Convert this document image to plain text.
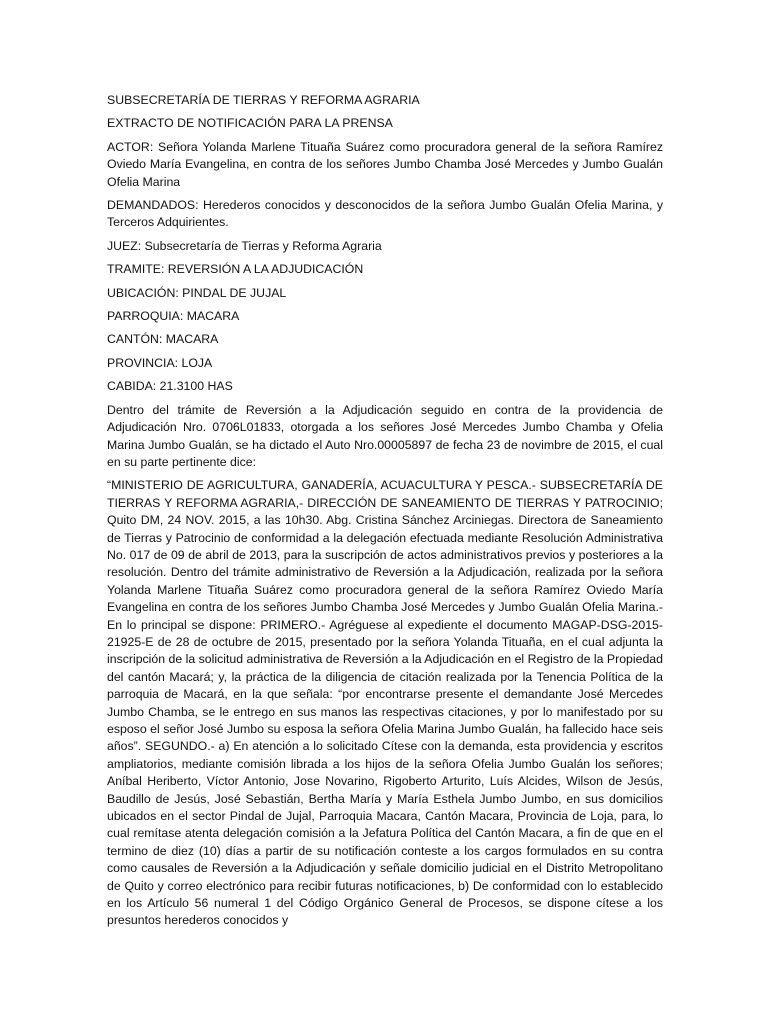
SUBSECRETARÍA DE TIERRAS Y REFORMA AGRARIA

EXTRACTO DE NOTIFICACIÓN PARA LA PRENSA

ACTOR: Señora Yolanda Marlene Tituaña Suárez como procuradora general de la señora Ramírez Oviedo María Evangelina, en contra de los señores Jumbo Chamba José Mercedes y Jumbo Gualán Ofelia Marina

DEMANDADOS: Herederos conocidos y desconocidos de la señora Jumbo Gualán Ofelia Marina, y Terceros Adquirientes.

JUEZ: Subsecretaría de Tierras y Reforma Agraria

TRAMITE: REVERSIÓN A LA ADJUDICACIÓN

UBICACIÓN: PINDAL DE JUJAL

PARROQUIA: MACARA

CANTÓN: MACARA

PROVINCIA: LOJA

CABIDA: 21.3100 HAS

Dentro del trámite de Reversión a la Adjudicación seguido en contra de la providencia de Adjudicación Nro. 0706L01833, otorgada a los señores José Mercedes Jumbo Chamba y Ofelia Marina Jumbo Gualán, se ha dictado el Auto Nro.00005897 de fecha 23 de novimbre de 2015, el cual en su parte pertinente dice:

“MINISTERIO DE AGRICULTURA, GANADERÍA, ACUACULTURA Y PESCA.- SUBSECRETARÍA DE TIERRAS Y REFORMA AGRARIA,- DIRECCIÓN DE SANEAMIENTO DE TIERRAS Y PATROCINIO; Quito DM, 24 NOV. 2015, a las 10h30. Abg. Cristina Sánchez Arciniegas. Directora de Saneamiento de Tierras y Patrocinio de conformidad a la delegación efectuada mediante Resolución Administrativa No. 017 de 09 de abril de 2013, para la suscripción de actos administrativos previos y posteriores a la resolución. Dentro del trámite administrativo de Reversión a la Adjudicación, realizada por la señora Yolanda Marlene Tituaña Suárez como procuradora general de la señora Ramírez Oviedo María Evangelina en contra de los señores Jumbo Chamba José Mercedes y Jumbo Gualán Ofelia Marina.- En lo principal se dispone: PRIMERO.- Agréguese al expediente el documento MAGAP-DSG-2015-21925-E de 28 de octubre de 2015, presentado por la señora Yolanda Tituaña, en el cual adjunta la inscripción de la solicitud administrativa de Reversión a la Adjudicación en el Registro de la Propiedad del cantón Macará; y, la práctica de la diligencia de citación realizada por la Tenencia Política de la parroquia de Macará, en la que señala: “por encontrarse presente el demandante José Mercedes Jumbo Chamba, se le entrego en sus manos las respectivas citaciones, y por lo manifestado por su esposo el señor José Jumbo su esposa la señora Ofelia Marina Jumbo Gualán, ha fallecido hace seis años”. SEGUNDO.- a) En atención a lo solicitado Cítese con la demanda, esta providencia y escritos ampliatorios, mediante comisión librada a los hijos de la señora Ofelia Jumbo Gualán los señores; Aníbal Heriberto, Víctor Antonio, Jose Novarino, Rigoberto Arturito, Luís Alcides, Wilson de Jesús, Baudillo de Jesús, José Sebastián, Bertha María y María Esthela Jumbo Jumbo, en sus domicilios ubicados en el sector Pindal de Jujal, Parroquia Macara, Cantón Macara, Provincia de Loja, para, lo cual remítase atenta delegación comisión a la Jefatura Política del Cantón Macara, a fin de que en el termino de diez (10) días a partir de su notificación conteste a los cargos formulados en su contra como causales de Reversión a la Adjudicación y señale domicilio judicial en el Distrito Metropolitano de Quito y correo electrónico para recibir futuras notificaciones, b) De conformidad con lo establecido en los Artículo 56 numeral 1 del Código Orgánico General de Procesos, se dispone cítese a los presuntos herederos conocidos y
